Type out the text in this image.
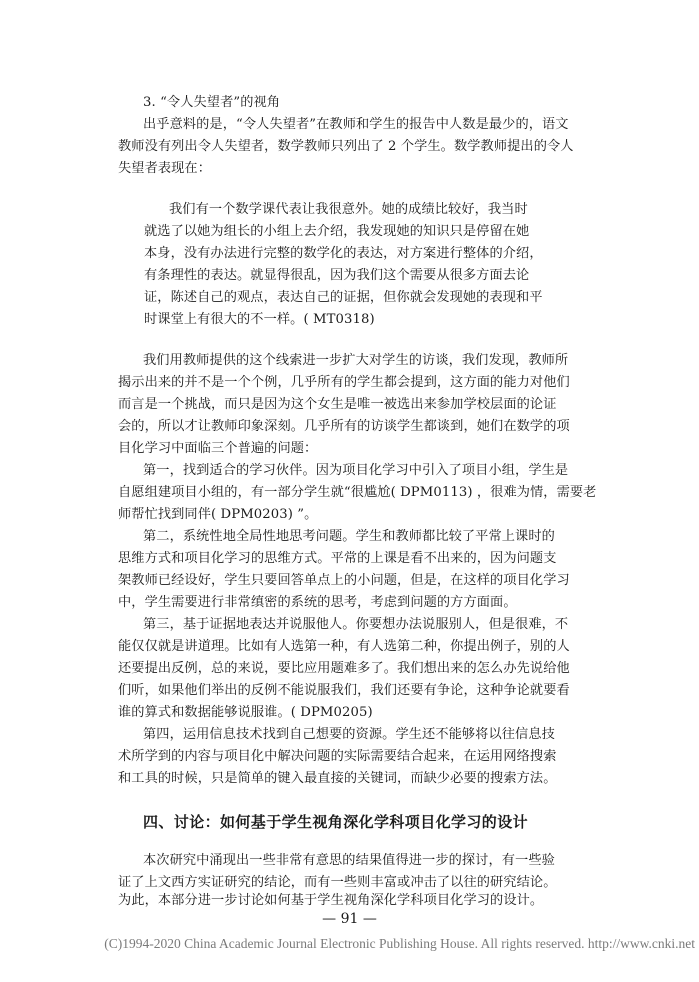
3. “令人失望者”的视角
出乎意料的是，“令人失望者”在教师和学生的报告中人数是最少的，语文
教师没有列出令人失望者，数学教师只列出了 2 个学生。数学教师提出的令人
失望者表现在：
我们有一个数学课代表让我很意外。她的成绩比较好，我当时
就选了以她为组长的小组上去介绍，我发现她的知识只是停留在她
本身，没有办法进行完整的数学化的表达，对方案进行整体的介绍，
有条理性的表达。就显得很乱，因为我们这个需要从很多方面去论
证，陈述自己的观点，表达自己的证据，但你就会发现她的表现和平
时课堂上有很大的不一样。( MT0318)
我们用教师提供的这个线索进一步扩大对学生的访谈，我们发现，教师所
揭示出来的并不是一个个例，几乎所有的学生都会提到，这方面的能力对他们
而言是一个挑战，而只是因为这个女生是唯一被选出来参加学校层面的论证
会的，所以才让教师印象深刻。几乎所有的访谈学生都谈到，她们在数学的项
目化学习中面临三个普遍的问题：
第一，找到适合的学习伙伴。因为项目化学习中引入了项目小组，学生是
自愿组建项目小组的，有一部分学生就“很尴尬( DPM0113) ，很难为情，需要老
师帮忙找到同伴( DPM0203) ”。
第二，系统性地全局性地思考问题。学生和教师都比较了平常上课时的
思维方式和项目化学习的思维方式。平常的上课是看不出来的，因为问题支
架教师已经设好，学生只要回答单点上的小问题，但是，在这样的项目化学习
中，学生需要进行非常缜密的系统的思考，考虑到问题的方方面面。
第三，基于证据地表达并说服他人。你要想办法说服别人，但是很难，不
能仅仅就是讲道理。比如有人选第一种，有人选第二种，你提出例子，别的人
还要提出反例，总的来说，要比应用题难多了。我们想出来的怎么办先说给他
们听，如果他们举出的反例不能说服我们，我们还要有争论，这种争论就要看
谁的算式和数据能够说服谁。( DPM0205)
第四，运用信息技术找到自己想要的资源。学生还不能够将以往信息技
术所学到的内容与项目化中解决问题的实际需要结合起来，在运用网络搜索
和工具的时候，只是简单的键入最直接的关键词，而缺少必要的搜索方法。
四、讨论：如何基于学生视角深化学科项目化学习的设计
本次研究中涌现出一些非常有意思的结果值得进一步的探讨，有一些验
证了上文西方实证研究的结论，而有一些则丰富或冲击了以往的研究结论。
为此，本部分进一步讨论如何基于学生视角深化学科项目化学习的设计。
— 91 —
(C)1994-2020 China Academic Journal Electronic Publishing House. All rights reserved. http://www.cnki.net
